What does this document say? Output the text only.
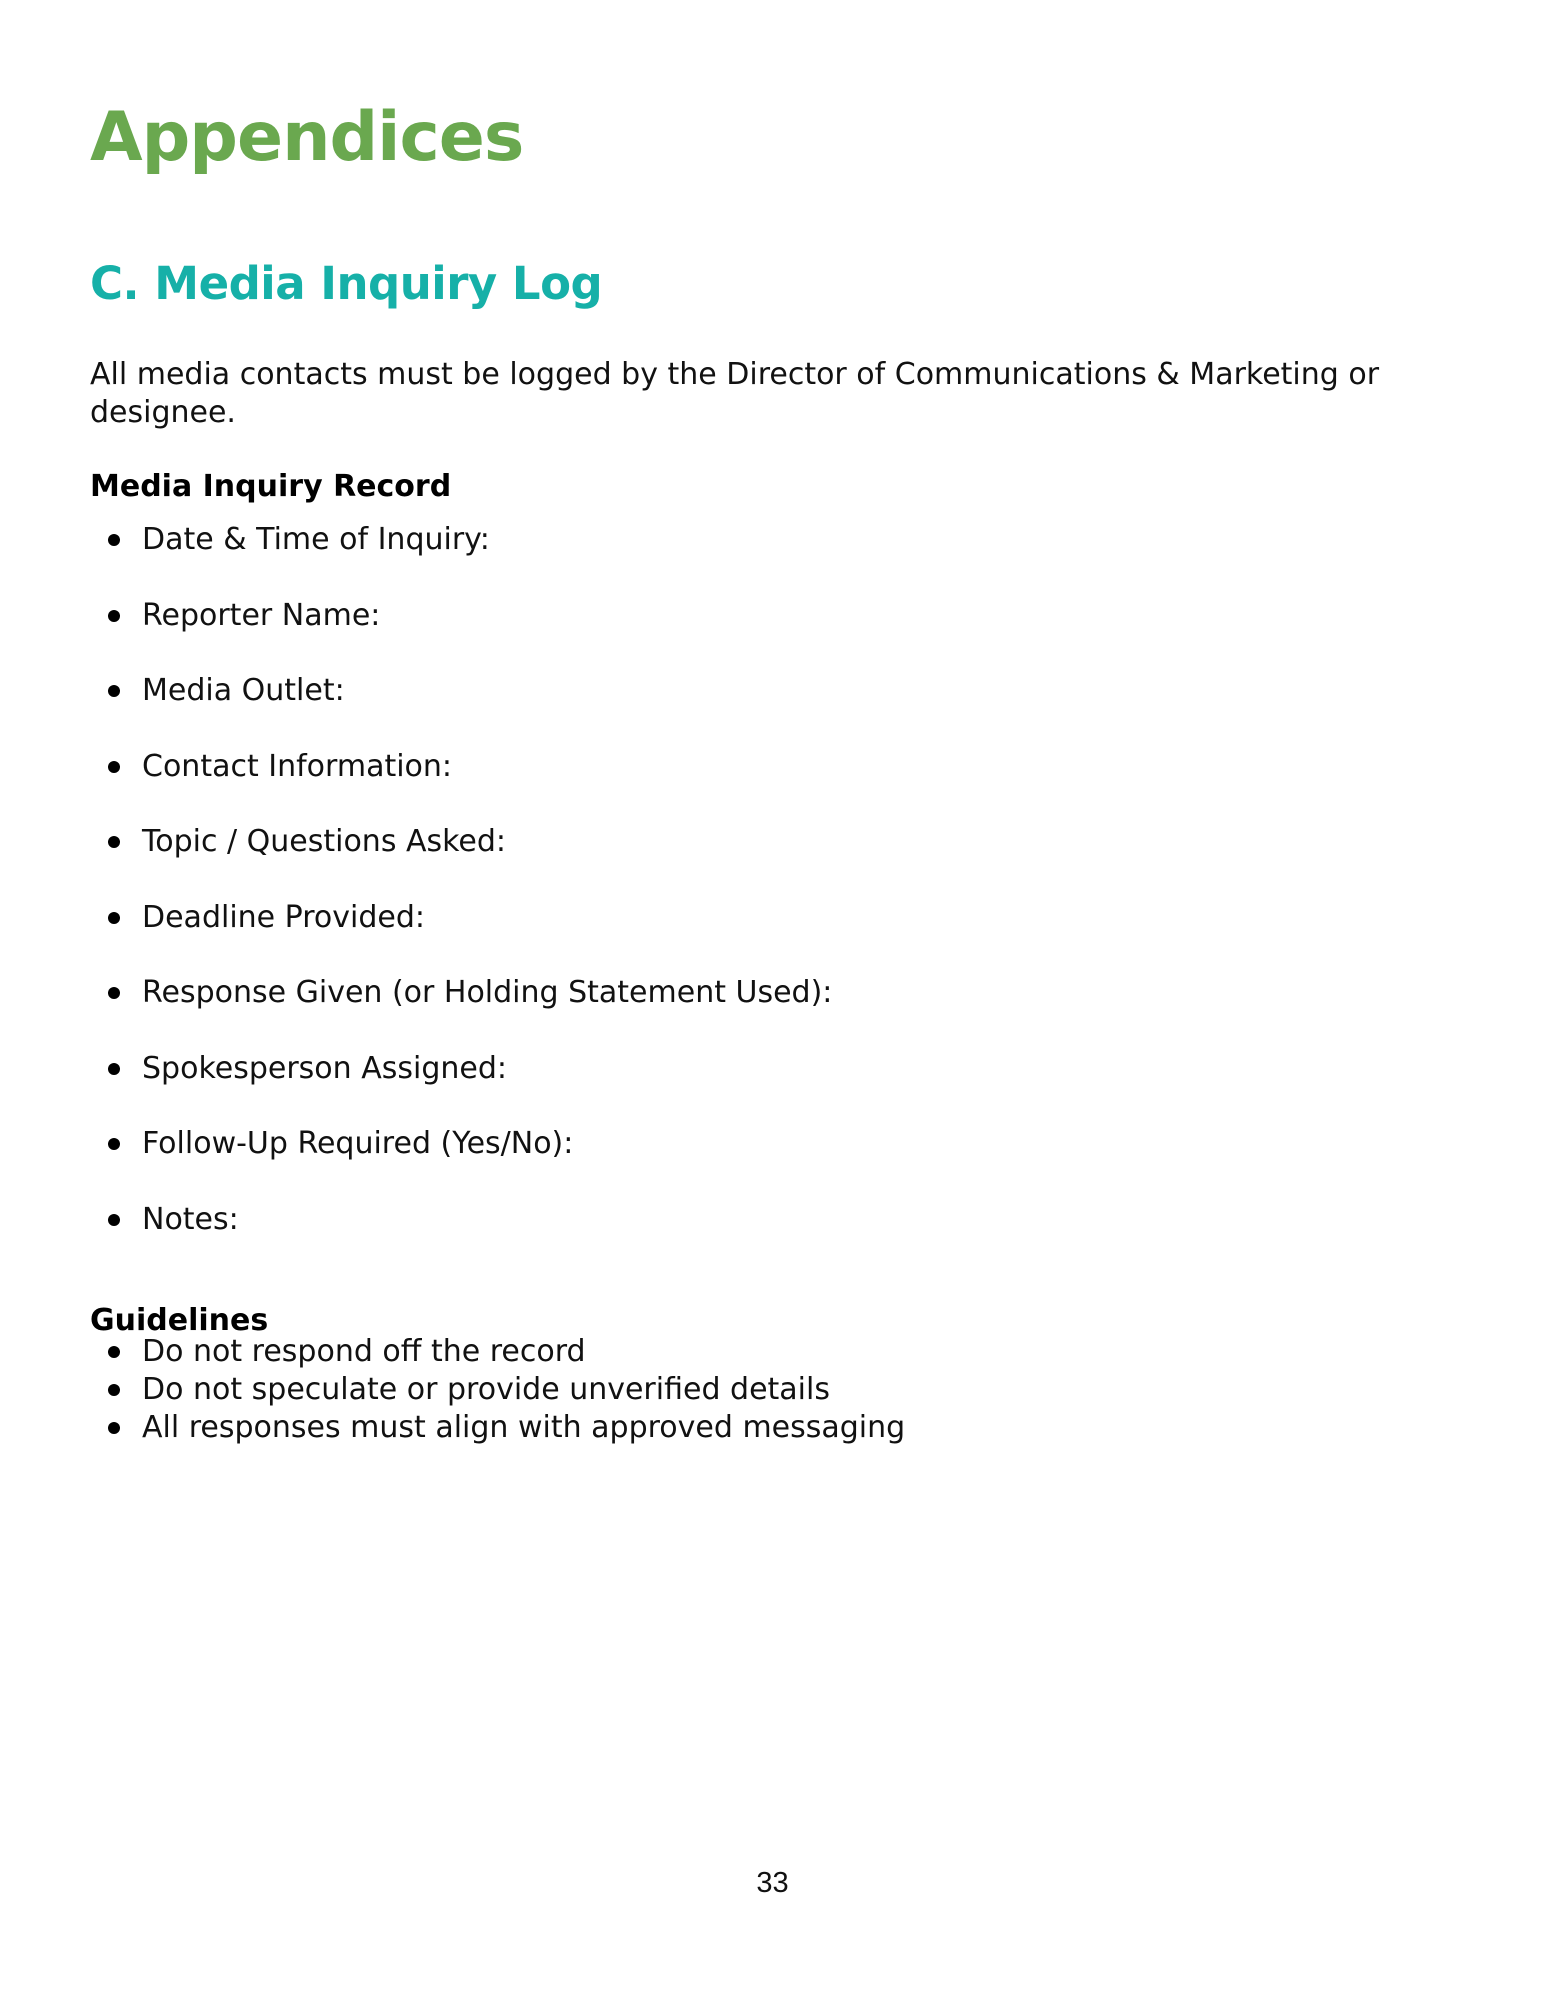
Appendices
C. Media Inquiry Log

All media contacts must be logged by the Director of Communications & Marketing or designee.

Media Inquiry Record
Date & Time of Inquiry:
Reporter Name:
Media Outlet:
Contact Information:
Topic / Questions Asked:
Deadline Provided:
Response Given (or Holding Statement Used):
Spokesperson Assigned:
Follow-Up Required (Yes/No):
Notes:
Guidelines
Do not respond off the record
Do not speculate or provide unverified details
All responses must align with approved messaging
33
